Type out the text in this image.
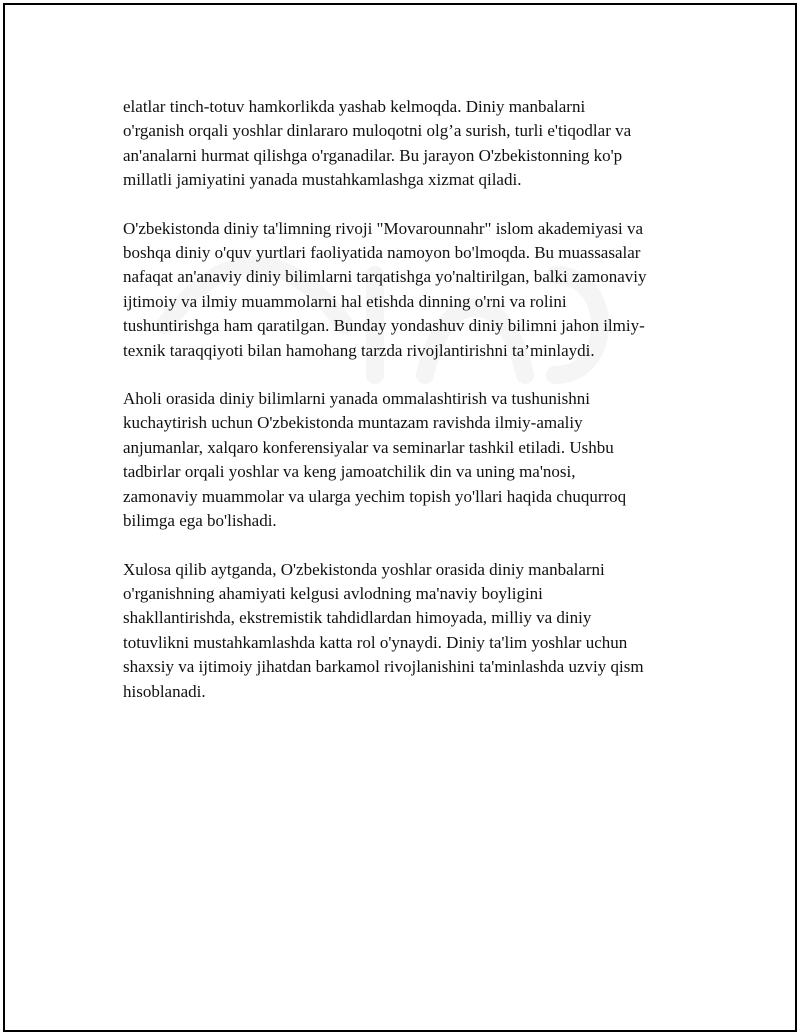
elatlar tinch-totuv hamkorlikda yashab kelmoqda. Diniy manbalarni
o'rganish orqali yoshlar dinlararo muloqotni olg’a surish, turli e'tiqodlar va
an'analarni hurmat qilishga o'rganadilar. Bu jarayon O'zbekistonning ko'p
millatli jamiyatini yanada mustahkamlashga xizmat qiladi.

O'zbekistonda diniy ta'limning rivoji "Movarounnahr" islom akademiyasi va
boshqa diniy o'quv yurtlari faoliyatida namoyon bo'lmoqda. Bu muassasalar
nafaqat an'anaviy diniy bilimlarni tarqatishga yo'naltirilgan, balki zamonaviy
ijtimoiy va ilmiy muammolarni hal etishda dinning o'rni va rolini
tushuntirishga ham qaratilgan. Bunday yondashuv diniy bilimni jahon ilmiy-
texnik taraqqiyoti bilan hamohang tarzda rivojlantirishni ta’minlaydi.

Aholi orasida diniy bilimlarni yanada ommalashtirish va tushunishni
kuchaytirish uchun O'zbekistonda muntazam ravishda ilmiy-amaliy
anjumanlar, xalqaro konferensiyalar va seminarlar tashkil etiladi. Ushbu
tadbirlar orqali yoshlar va keng jamoatchilik din va uning ma'nosi,
zamonaviy muammolar va ularga yechim topish yo'llari haqida chuqurroq
bilimga ega bo'lishadi.

Xulosa qilib aytganda, O'zbekistonda yoshlar orasida diniy manbalarni
o'rganishning ahamiyati kelgusi avlodning ma'naviy boyligini
shakllantirishda, ekstremistik tahdidlardan himoyada, milliy va diniy
totuvlikni mustahkamlashda katta rol o'ynaydi. Diniy ta'lim yoshlar uchun
shaxsiy va ijtimoiy jihatdan barkamol rivojlanishini ta'minlashda uzviy qism
hisoblanadi.
